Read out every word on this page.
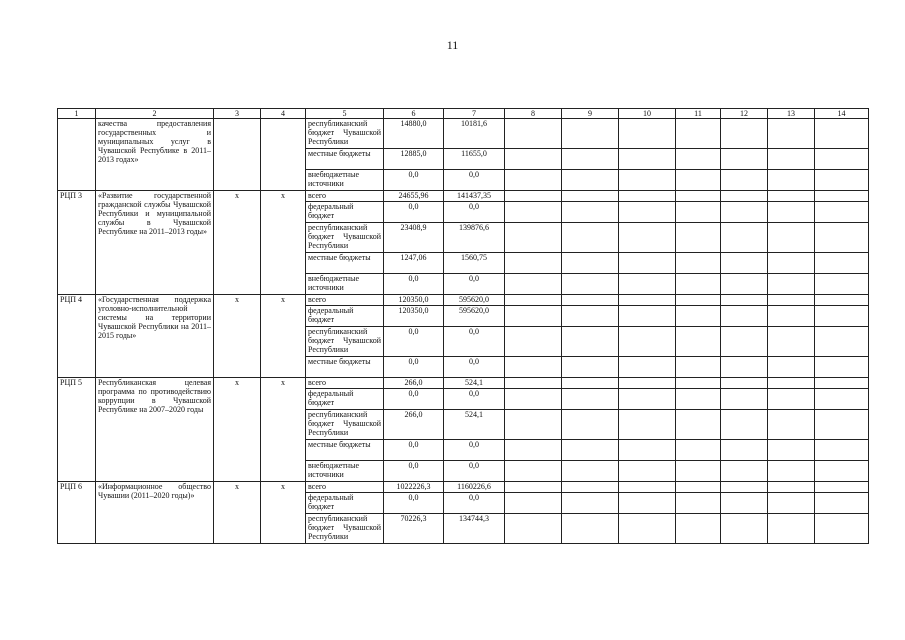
11
1	2	3	4	5	6	7	8	9	10	11	12	13	14
	качества предоставления государственных и муниципальных услуг в Чувашской Республике в 2011–2013 годах»			республиканский бюджет Чувашской Республики	14880,0	10181,6							
				местные бюджеты	12885,0	11655,0							
				внебюджетные источники	0,0	0,0							
РЦП 3	«Развитие государственной гражданской службы Чувашской Республики и муниципальной службы в Чувашской Республике на 2011–2013 годы»	х	х	всего	24655,96	141437,35							
				федеральный бюджет	0,0	0,0							
				республиканский бюджет Чувашской Республики	23408,9	139876,6							
				местные бюджеты	1247,06	1560,75							
				внебюджетные источники	0,0	0,0							
РЦП 4	«Государственная поддержка уголовно-исполнительной системы на территории Чувашской Республики на 2011–2015 годы»	х	х	всего	120350,0	595620,0							
				федеральный бюджет	120350,0	595620,0							
				республиканский бюджет Чувашской Республики	0,0	0,0							
				местные бюджеты	0,0	0,0							
РЦП 5	Республиканская целевая программа по противодействию коррупции в Чувашской Республике на 2007–2020 годы	х	х	всего	266,0	524,1							
				федеральный бюджет	0,0	0,0							
				республиканский бюджет Чувашской Республики	266,0	524,1							
				местные бюджеты	0,0	0,0							
				внебюджетные источники	0,0	0,0							
РЦП 6	«Информационное общество Чувашии (2011–2020 годы)»	х	х	всего	1022226,3	1160226,6							
				федеральный бюджет	0,0	0,0							
				республиканский бюджет Чувашской Республики	70226,3	134744,3							
